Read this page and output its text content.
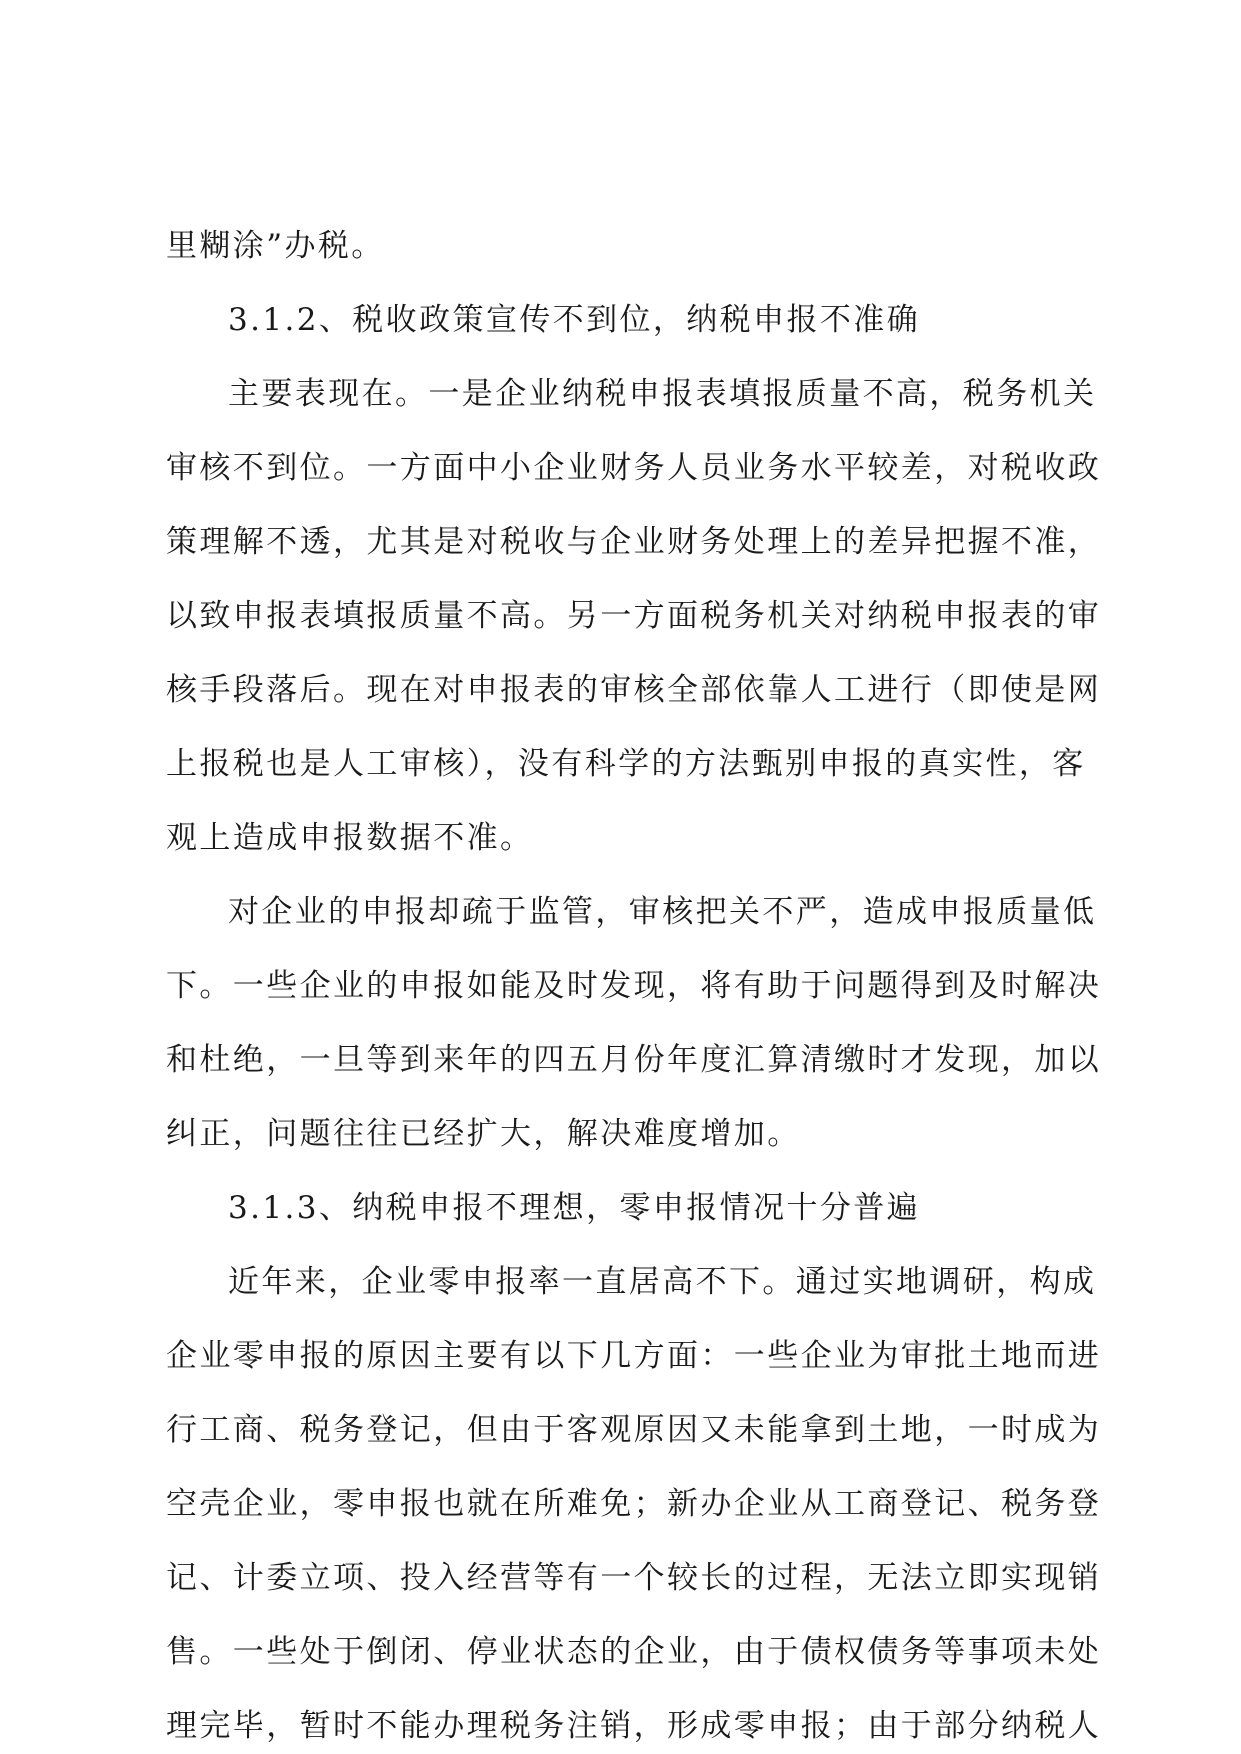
里糊涂”办税。
3.1.2、税收政策宣传不到位，纳税申报不准确
主要表现在。一是企业纳税申报表填报质量不高，税务机关
审核不到位。一方面中小企业财务人员业务水平较差，对税收政
策理解不透，尤其是对税收与企业财务处理上的差异把握不准，
以致申报表填报质量不高。另一方面税务机关对纳税申报表的审
核手段落后。现在对申报表的审核全部依靠人工进行（即使是网
上报税也是人工审核），没有科学的方法甄别申报的真实性，客
观上造成申报数据不准。
对企业的申报却疏于监管，审核把关不严，造成申报质量低
下。一些企业的申报如能及时发现，将有助于问题得到及时解决
和杜绝，一旦等到来年的四五月份年度汇算清缴时才发现，加以
纠正，问题往往已经扩大，解决难度增加。
3.1.3、纳税申报不理想，零申报情况十分普遍
近年来，企业零申报率一直居高不下。通过实地调研，构成
企业零申报的原因主要有以下几方面：一些企业为审批土地而进
行工商、税务登记，但由于客观原因又未能拿到土地，一时成为
空壳企业，零申报也就在所难免；新办企业从工商登记、税务登
记、计委立项、投入经营等有一个较长的过程，无法立即实现销
售。一些处于倒闭、停业状态的企业，由于债权债务等事项未处
理完毕，暂时不能办理税务注销，形成零申报；由于部分纳税人
